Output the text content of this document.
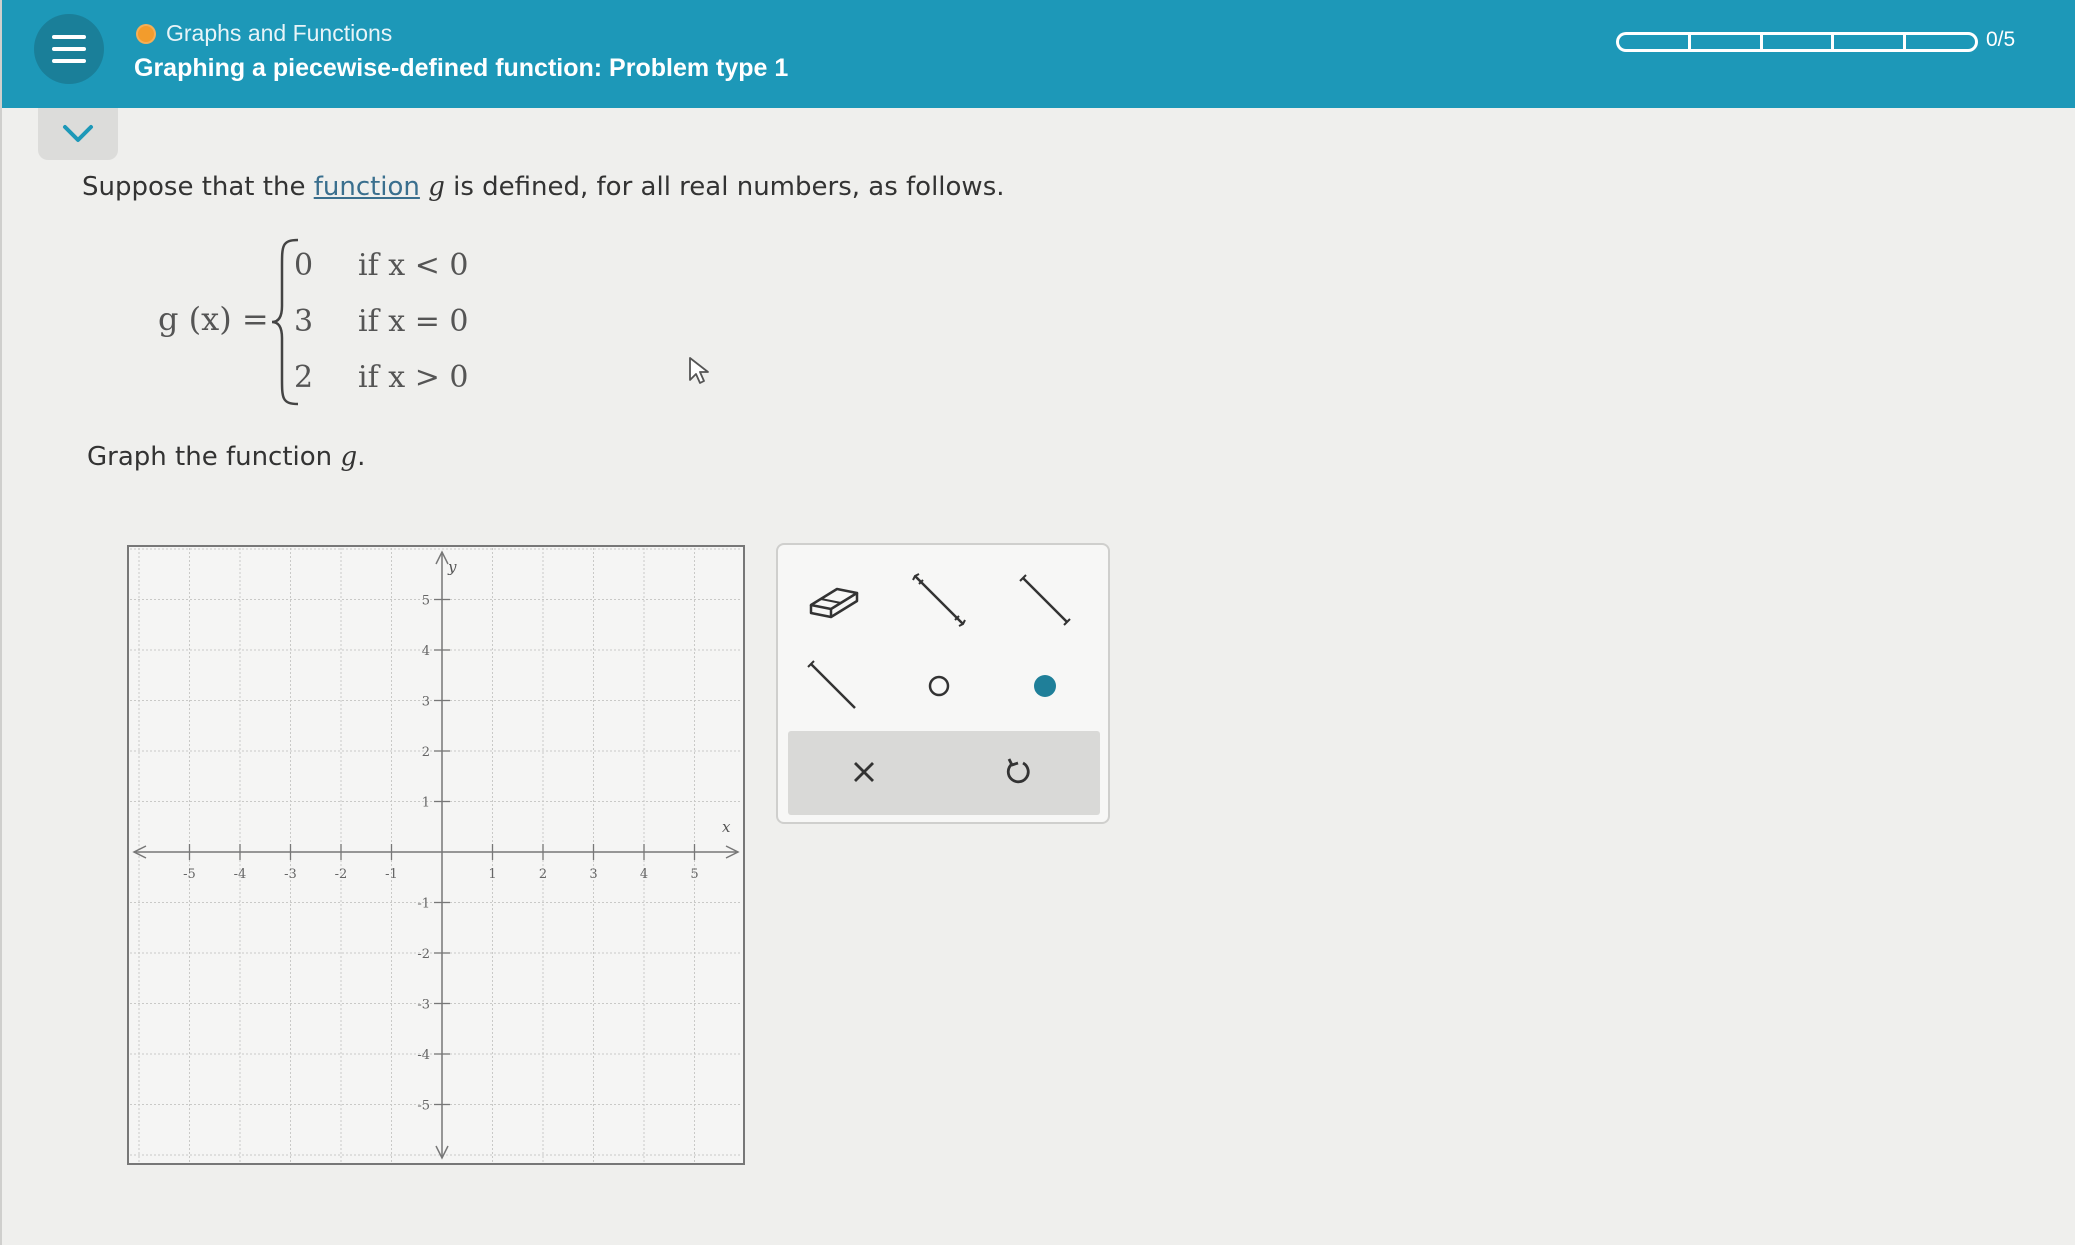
Graphs and Functions
Graphing a piecewise-defined function: Problem type 1
0/5
Suppose that the function g is defined, for all real numbers, as follows.
g (x) =
0 if x < 0
3 if x = 0
2 if x > 0
Graph the function g.
-5	-4	-3	-2	-1	1	2	3	4	5
5
4
3
2
1
-1
-2
-3
-4
-5
x
y
